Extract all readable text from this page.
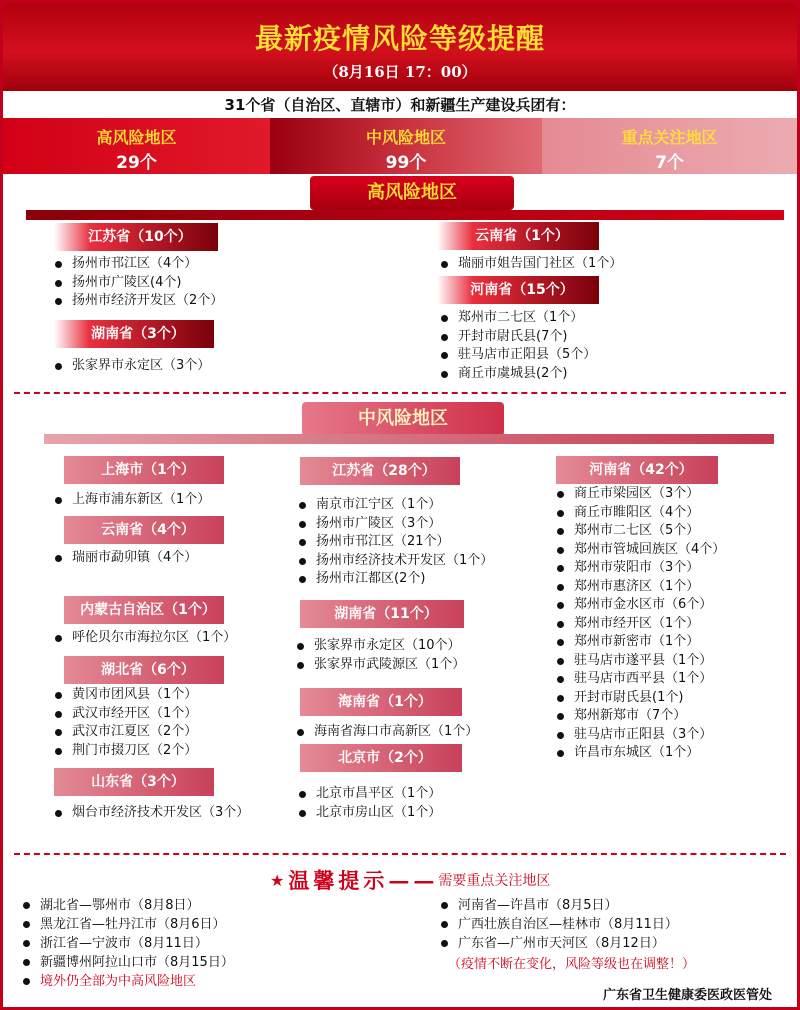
最新疫情风险等级提醒
（8月16日 17：00）
31个省（自治区、直辖市）和新疆生产建设兵团有：
高风险地区
29个
中风险地区
99个
重点关注地区
7个
高风险地区
江苏省（10个）
扬州市邗江区（4个）
扬州市广陵区(4个)
扬州市经济开发区（2个）
湖南省（3个）
张家界市永定区（3个）
云南省（1个）
瑞丽市姐告国门社区（1个）
河南省（15个）
郑州市二七区（1个）
开封市尉氏县(7个)
驻马店市正阳县（5个）
商丘市虞城县(2个)
中风险地区
上海市（1个）
上海市浦东新区（1个）
云南省（4个）
瑞丽市勐卯镇（4个）
内蒙古自治区（1个）
呼伦贝尔市海拉尔区（1个）
湖北省（6个）
黄冈市团风县（1个）
武汉市经开区（1个）
武汉市江夏区（2个）
荆门市掇刀区（2个）
山东省（3个）
烟台市经济技术开发区（3个）
江苏省（28个）
南京市江宁区（1个）
扬州市广陵区（3个）
扬州市邗江区（21个）
扬州市经济技术开发区（1个）
扬州市江都区(2个)
湖南省（11个）
张家界市永定区（10个）
张家界市武陵源区（1个）
海南省（1个）
海南省海口市高新区（1个）
北京市（2个）
北京市昌平区（1个）
北京市房山区（1个）
河南省（42个）
商丘市梁园区（3个）
商丘市睢阳区（4个）
郑州市二七区（5个）
郑州市管城回族区（4个）
郑州市荥阳市（3个）
郑州市惠济区（1个）
郑州市金水区市（6个）
郑州市经开区（1个）
郑州市新密市（1个）
驻马店市遂平县（1个）
驻马店市西平县（1个）
开封市尉氏县(1个)
郑州新郑市（7个）
驻马店市正阳县（3个）
许昌市东城区（1个）
★ 温馨提示—— 需要重点关注地区
湖北省—鄂州市（8月8日）
黑龙江省—牡丹江市（8月6日）
浙江省—宁波市（8月11日）
新疆博州阿拉山口市（8月15日）
境外仍全部为中高风险地区
河南省—许昌市（8月5日）
广西壮族自治区—桂林市（8月11日）
广东省—广州市天河区（8月12日）
（疫情不断在变化，风险等级也在调整！）
广东省卫生健康委医政医管处
